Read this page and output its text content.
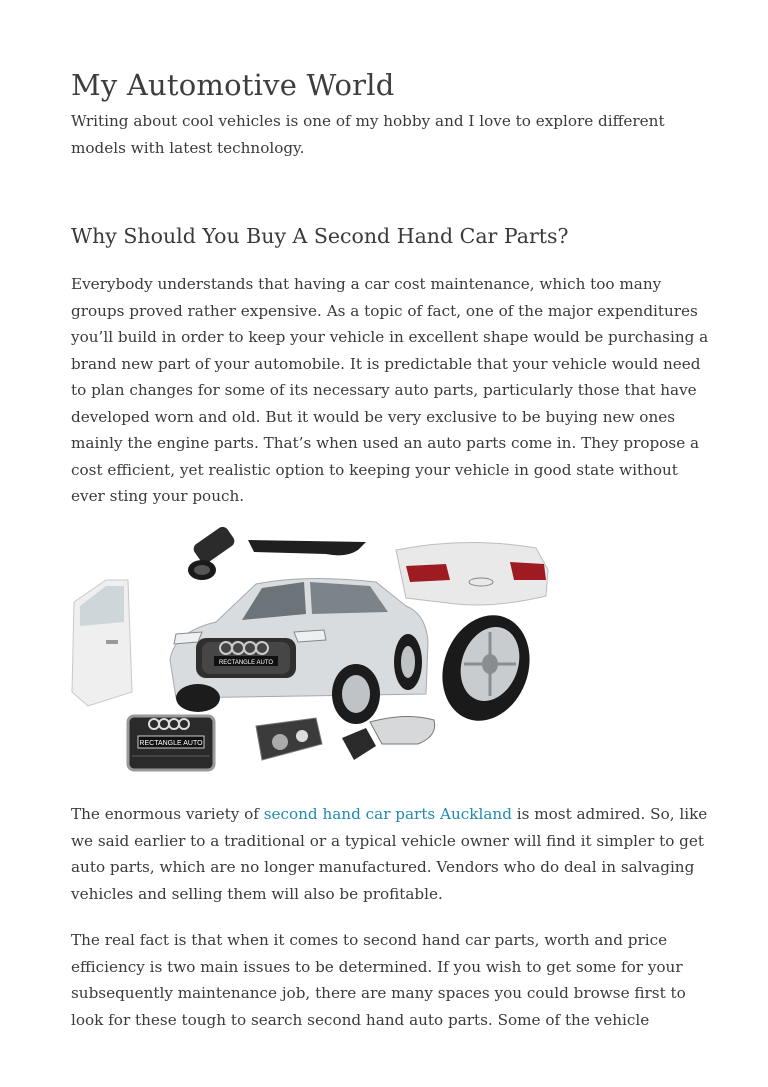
My Automotive World

Writing about cool vehicles is one of my hobby and I love to explore different models with latest technology.

Why Should You Buy A Second Hand Car Parts?

Everybody understands that having a car cost maintenance, which too many groups proved rather expensive. As a topic of fact, one of the major expenditures you’ll build in order to keep your vehicle in excellent shape would be purchasing a brand new part of your automobile. It is predictable that your vehicle would need to plan changes for some of its necessary auto parts, particularly those that have developed worn and old. But it would be very exclusive to be buying new ones mainly the engine parts. That’s when used an auto parts come in. They propose a cost efficient, yet realistic option to keeping your vehicle in good state without ever sting your pouch.

RECTANGLE AUTO
RECTANGLE AUTO

The enormous variety of second hand car parts Auckland is most admired. So, like we said earlier to a traditional or a typical vehicle owner will find it simpler to get auto parts, which are no longer manufactured. Vendors who do deal in salvaging vehicles and selling them will also be profitable.

The real fact is that when it comes to second hand car parts, worth and price efficiency is two main issues to be determined. If you wish to get some for your subsequently maintenance job, there are many spaces you could browse first to look for these tough to search second hand auto parts. Some of the vehicle
